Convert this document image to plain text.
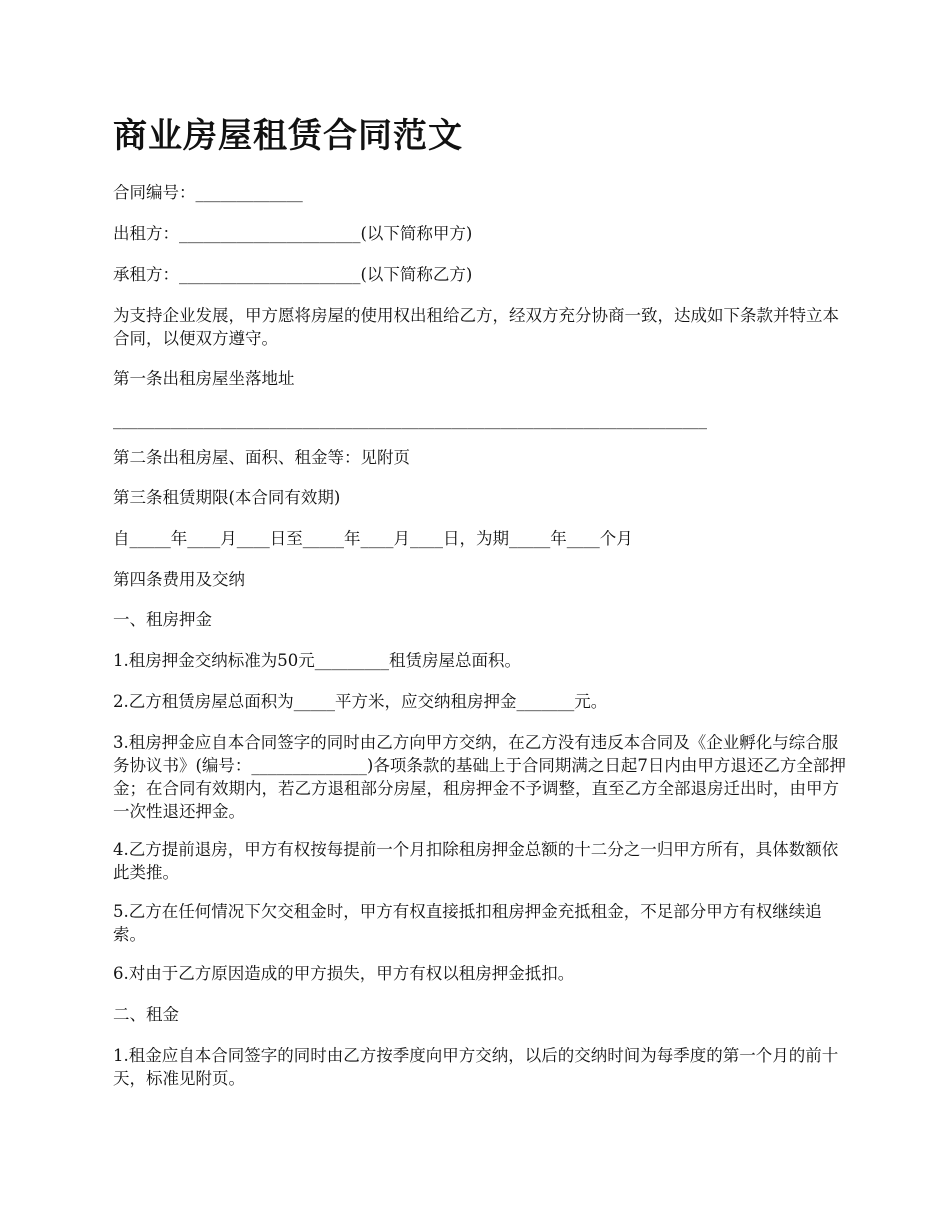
商业房屋租赁合同范文

合同编号：_____________

出租方：______________________(以下简称甲方)

承租方：______________________(以下简称乙方)

为支持企业发展，甲方愿将房屋的使用权出租给乙方，经双方充分协商一致，达成如下条款并特立本合同，以便双方遵守。

第一条出租房屋坐落地址

________________________________________________________________________

第二条出租房屋、面积、租金等：见附页

第三条租赁期限(本合同有效期)

自_____年____月____日至_____年____月____日，为期_____年____个月

第四条费用及交纳

一、租房押金

1.租房押金交纳标准为50元_________租赁房屋总面积。

2.乙方租赁房屋总面积为_____平方米，应交纳租房押金_______元。

3.租房押金应自本合同签字的同时由乙方向甲方交纳，在乙方没有违反本合同及《企业孵化与综合服务协议书》(编号：______________)各项条款的基础上于合同期满之日起7日内由甲方退还乙方全部押金；在合同有效期内，若乙方退租部分房屋，租房押金不予调整，直至乙方全部退房迁出时，由甲方一次性退还押金。

4.乙方提前退房，甲方有权按每提前一个月扣除租房押金总额的十二分之一归甲方所有，具体数额依此类推。

5.乙方在任何情况下欠交租金时，甲方有权直接抵扣租房押金充抵租金，不足部分甲方有权继续追索。

6.对由于乙方原因造成的甲方损失，甲方有权以租房押金抵扣。

二、租金

1.租金应自本合同签字的同时由乙方按季度向甲方交纳，以后的交纳时间为每季度的第一个月的前十天，标准见附页。
